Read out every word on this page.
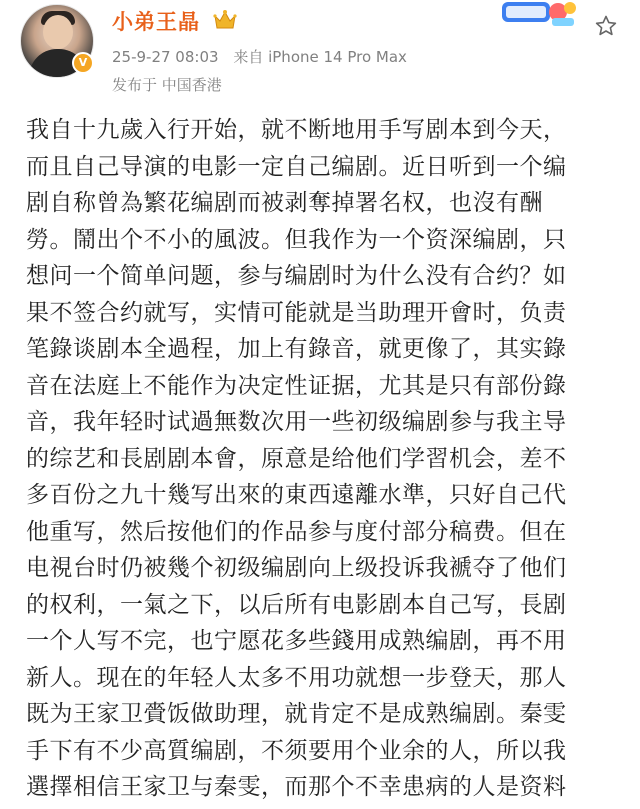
V
小弟王晶
25-9-27 08:03 来自 iPhone 14 Pro Max
发布于 中国香港
我自十九歲入行开始，就不断地用手写剧本到今天，
而且自己导演的电影一定自己编剧。近日听到一个编
剧自称曾為繁花编剧而被剥奪掉署名权，也沒有酬
勞。鬧出个不小的風波。但我作为一个资深编剧，只
想问一个简单问题，参与编剧时为什么没有合约？如
果不签合约就写，实情可能就是当助理开會时，负责
笔錄谈剧本全過程，加上有錄音，就更像了，其实錄
音在法庭上不能作为决定性证据，尤其是只有部份錄
音，我年轻时试過無数次用一些初级编剧参与我主导
的综艺和長剧剧本會，原意是给他们学習机会，差不
多百份之九十幾写出來的東西遠離水準，只好自己代
他重写，然后按他们的作品参与度付部分稿费。但在
电視台时仍被幾个初级编剧向上级投诉我褫夺了他们
的权利，一氣之下，以后所有电影剧本自己写，長剧
一个人写不完，也宁愿花多些錢用成熟编剧，再不用
新人。现在的年轻人太多不用功就想一步登天，那人
既为王家卫賫饭做助理，就肯定不是成熟编剧。秦雯
手下有不少高質编剧，不须要用个业余的人，所以我
選擇相信王家卫与秦雯，而那个不幸患病的人是资料
